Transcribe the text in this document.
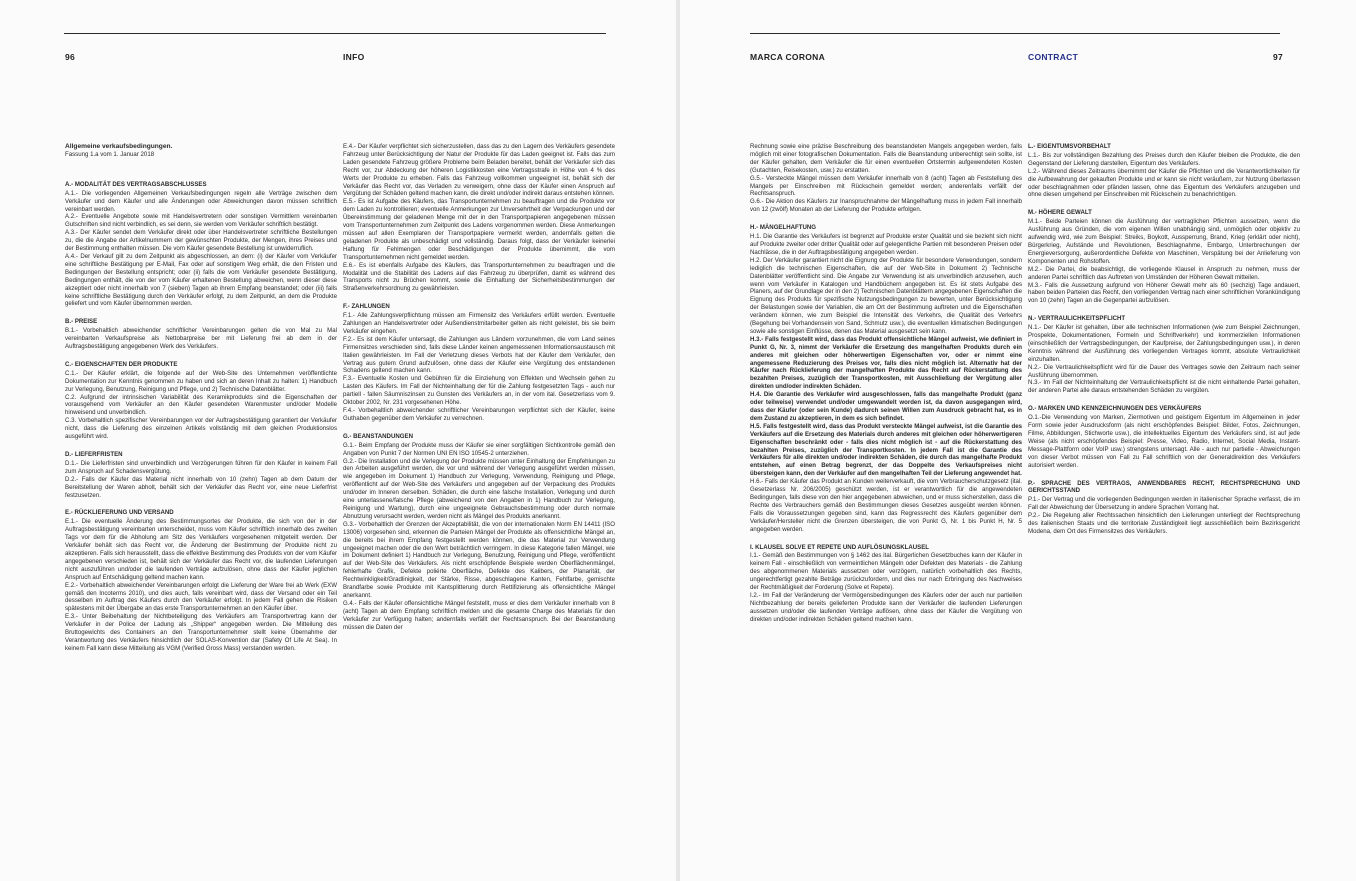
96	INFO

Allgemeine verkaufsbedingungen.

Fassung 1.a vom 1. Januar 2018

A.- MODALITÄT DES VERTRAGSABSCHLUSSES

A.1.- Die vorliegenden Allgemeinen Verkaufsbedingungen regeln alle Verträge zwischen dem Verkäufer und dem Käufer und alle Änderungen oder Abweichungen davon müssen schriftlich vereinbart werden.

A.2.- Eventuelle Angebote sowie mit Handelsvertretern oder sonstigen Vermittlern vereinbarten Gutschriften sind nicht verbindlich, es sei denn, sie werden vom Verkäufer schriftlich bestätigt.

A.3.- Der Käufer sendet dem Verkäufer direkt oder über Handelsvertreter schriftliche Bestellungen zu, die die Angabe der Artikelnummern der gewünschten Produkte, der Mengen, ihres Preises und der Bestimmung enthalten müssen. Die vom Käufer gesendete Bestellung ist unwiderruflich.

A.4.- Der Verkauf gilt zu dem Zeitpunkt als abgeschlossen, an dem: (i) der Käufer vom Verkäufer eine schriftliche Bestätigung per E-Mail, Fax oder auf sonstigem Weg erhält, die den Fristen und Bedingungen der Bestellung entspricht; oder (ii) falls die vom Verkäufer gesendete Bestätigung, Bedingungen enthält, die von der vom Käufer erhaltenen Bestellung abweichen, wenn dieser diese akzeptiert oder nicht innerhalb von 7 (sieben) Tagen ab ihrem Empfang beanstandet; oder (iii) falls keine schriftliche Bestätigung durch den Verkäufer erfolgt, zu dem Zeitpunkt, an dem die Produkte geliefert und vom Käufer übernommen werden.

B.- PREISE

B.1.- Vorbehaltlich abweichender schriftlicher Vereinbarungen gelten die von Mal zu Mal vereinbarten Verkaufspreise als Nettobarpreise ber mit Lieferung frei ab dem in der Auftragsbestätigung angegebenen Werk des Verkäufers.

C.- EIGENSCHAFTEN DER PRODUKTE

C.1.- Der Käufer erklärt, die folgende auf der Web-Site des Unternehmen veröffentlichte Dokumentation zur Kenntnis genommen zu haben und sich an deren Inhalt zu halten: 1) Handbuch zur Verlegung, Benutzung, Reinigung und Pflege, und 2) Technische Datenblätter.

C.2. Aufgrund der intrinsischen Variabilität des Keramikprodukts sind die Eigenschaften der vorausgehend vom Verkäufer an den Käufer gesendeten Warenmuster und/oder Modelle hinweisend und unverbindlich.

C.3. Vorbehaltlich spezifischer Vereinbarungen vor der Auftragsbestätigung garantiert der Verkäufer nicht, dass die Lieferung des einzelnen Artikels vollständig mit dem gleichen Produktionslos ausgeführt wird.

D.- LIEFERFRISTEN

D.1.- Die Lieferfristen sind unverbindlich und Verzögerungen führen für den Käufer in keinem Fall zum Anspruch auf Schadensvergütung.

D.2.- Falls der Käufer das Material nicht innerhalb von 10 (zehn) Tagen ab dem Datum der Bereitstellung der Waren abholt, behält sich der Verkäufer das Recht vor, eine neue Lieferfrist festzusetzen.

E.- RÜCKLIEFERUNG UND VERSAND

E.1.- Die eventuelle Änderung des Bestimmungsortes der Produkte, die sich von der in der Auftragsbestätigung vereinbarten unterscheidet, muss vom Käufer schriftlich innerhalb des zweiten Tags vor dem für die Abholung am Sitz des Verkäufers vorgesehenen mitgeteilt werden. Der Verkäufer behält sich das Recht vor, die Änderung der Bestimmung der Produkte nicht zu akzeptieren. Falls sich herausstellt, dass die effektive Bestimmung des Produkts von der vom Käufer angegebenen verschieden ist, behält sich der Verkäufer das Recht vor, die laufenden Lieferungen nicht auszuführen und/oder die laufenden Verträge aufzulösen, ohne dass der Käufer jeglichen Anspruch auf Entschädigung geltend machen kann.

E.2.- Vorbehaltlich abweichender Vereinbarungen erfolgt die Lieferung der Ware frei ab Werk (EXW gemäß den Incoterms 2010), und dies auch, falls vereinbart wird, dass der Versand oder ein Teil desselben im Auftrag des Käufers durch den Verkäufer erfolgt. In jedem Fall gehen die Risiken spätestens mit der Übergabe an das erste Transportunternehmen an den Käufer über.

E.3.- Unter Beibehaltung der Nichtbeteiligung des Verkäufers am Transportvertrag kann der Verkäufer in der Police der Ladung als „Shipper“ angegeben werden. Die Mitteilung des Bruttogewichts des Containers an den Transportunternehmer stellt keine Übernahme der Verantwortung des Verkäufers hinsichtlich der SOLAS-Konvention dar (Safety Of Life At Sea). In keinem Fall kann diese Mitteilung als VGM (Verified Gross Mass) verstanden werden.

E.4.- Der Käufer verpflichtet sich sicherzustellen, dass das zu den Lagern des Verkäufers gesendete Fahrzeug unter Berücksichtigung der Natur der Produkte für das Laden geeignet ist. Falls das zum Laden gesendete Fahrzeug größere Probleme beim Beladen bereitet, behält der Verkäufer sich das Recht vor, zur Abdeckung der höheren Logistikkosten eine Vertragsstrafe in Höhe von 4 % des Werts der Produkte zu erheben. Falls das Fahrzeug vollkommen ungeeignet ist, behält sich der Verkäufer das Recht vor, das Verladen zu verweigern, ohne dass der Käufer einen Anspruch auf Vergütung der Schäden geltend machen kann, die direkt und/oder indirekt daraus entstehen können.

E.5.- Es ist Aufgabe des Käufers, das Transportunternehmen zu beauftragen und die Produkte vor dem Laden zu kontrollieren; eventuelle Anmerkungen zur Unversehrtheit der Verpackungen und der Übereinstimmung der geladenen Menge mit der in den Transportpapieren angegebenen müssen vom Transportunternehmen zum Zeitpunkt des Ladens vorgenommen werden. Diese Anmerkungen müssen auf allen Exemplaren der Transportpapiere vermerkt werden, andernfalls gelten die geladenen Produkte als unbeschädigt und vollständig. Daraus folgt, dass der Verkäufer keinerlei Haftung für Fehlmengen oder Beschädigungen der Produkte übernimmt, die vom Transportunternehmen nicht gemeldet werden.

E.6.- Es ist ebenfalls Aufgabe des Käufers, das Transportunternehmen zu beauftragen und die Modalität und die Stabilität des Ladens auf das Fahrzeug zu überprüfen, damit es während des Transports nicht zu Brüchen kommt, sowie die Einhaltung der Sicherheitsbestimmungen der Straßenverkehrsordnung zu gewährleisten.

F.- ZAHLUNGEN

F.1.- Alle Zahlungsverpflichtung müssen am Firmensitz des Verkäufers erfüllt werden. Eventuelle Zahlungen an Handelsvertreter oder Außendienstmitarbeiter gelten als nicht geleistet, bis sie beim Verkäufer eingehen.

F.2.- Es ist dem Käufer untersagt, die Zahlungen aus Ländern vorzunehmen, die vom Land seines Firmensitzes verschieden sind, falls diese Länder keinen angemessenen Informationsaustausch mit Italien gewährleisten. Im Fall der Verletzung dieses Verbots hat der Käufer dem Verkäufer, den Vertrag aus gutem Grund aufzulösen, ohne dass der Käufer eine Vergütung des entstandenen Schadens geltend machen kann.

F.3.- Eventuelle Kosten und Gebühren für die Einziehung von Effekten und Wechseln gehen zu Lasten des Käufers. Im Fall der Nichteinhaltung der für die Zahlung festgesetzten Tags - auch nur partiell - fallen Säumniszinsen zu Gunsten des Verkäufers an, in der vom ital. Gesetzerlass vom 9. Oktober 2002, Nr. 231 vorgesehenen Höhe.

F.4.- Vorbehaltlich abweichender schriftlicher Vereinbarungen verpflichtet sich der Käufer, keine Guthaben gegenüber dem Verkäufer zu verrechnen.

G.- BEANSTANDUNGEN

G.1.- Beim Empfang der Produkte muss der Käufer sie einer sorgfältigen Sichtkontrolle gemäß den Angaben von Punkt 7 der Normen UNI EN ISO 10545-2 unterziehen.

G.2.- Die Installation und die Verlegung der Produkte müssen unter Einhaltung der Empfehlungen zu den Arbeiten ausgeführt werden, die vor und während der Verlegung ausgeführt werden müssen, wie angegeben im Dokument 1) Handbuch zur Verlegung, Verwendung, Reinigung und Pflege, veröffentlicht auf der Web-Site des Verkäufers und angegeben auf der Verpackung des Produkts und/oder im Inneren derselben. Schäden, die durch eine falsche Installation, Verlegung und durch eine unterlassene/falsche Pflege (abweichend von den Angaben in 1) Handbuch zur Verlegung, Reinigung und Wartung), durch eine ungeeignete Gebrauchsbestimmung oder durch normale Abnutzung verursacht werden, werden nicht als Mängel des Produkts anerkannt.

G.3.- Vorbehaltlich der Grenzen der Akzeptabilität, die von der internationalen Norm EN 14411 (ISO 13006) vorgesehen sind, erkennen die Parteien Mängel der Produkte als offensichtliche Mängel an, die bereits bei ihrem Empfang festgestellt werden können, die das Material zur Verwendung ungeeignet machen oder die den Wert beträchtlich verringern. In diese Kategorie fallen Mängel, wie im Dokument definiert 1) Handbuch zur Verlegung, Benutzung, Reinigung und Pflege, veröffentlicht auf der Web-Site des Verkäufers. Als nicht erschöpfende Beispiele werden Oberflächenmängel, fehlerhafte Grafik, Defekte poliérte Oberfläche, Defekte des Kalibers, der Planarität, der Rechtwinkligkeit/Gradlinigkeit, der Stärke, Risse, abgeschlagene Kanten, Fehlfarbe, gemischte Brandfarbe sowie Produkte mit Kantsplitterung durch Rettifizierung als offensichtliche Mängel anerkannt.

G.4.- Falls der Käufer offensichtliche Mängel feststellt, muss er dies dem Verkäufer innerhalb von 8 (acht) Tagen ab dem Empfang schriftlich melden und die gesamte Charge des Materials für den Verkäufer zur Verfügung halten; andernfalls verfällt der Rechtsanspruch. Bei der Beanstandung müssen die Daten der

MARCA CORONA	CONTRACT	97

Rechnung sowie eine präzise Beschreibung des beanstandeten Mangels angegeben werden, falls möglich mit einer fotografischen Dokumentation. Falls die Beanstandung unberechtigt sein sollte, ist der Käufer gehalten, dem Verkäufer die für einen eventuellen Ortstermin aufgewendeten Kosten (Gutachten, Reisekosten, usw.) zu erstatten.

G.5.- Versteckte Mängel müssen dem Verkäufer innerhalb von 8 (acht) Tagen ab Feststellung des Mangels per Einschreiben mit Rückschein gemeldet werden; anderenfalls verfällt der Rechtsanspruch.

G.6.- Die Aktion des Käufers zur Inanspruchnahme der Mängelhaftung muss in jedem Fall innerhalb von 12 (zwölf) Monaten ab der Lieferung der Produkte erfolgen.

H.- MÄNGELHAFTUNG

H.1. Die Garantie des Verkäufers ist begrenzt auf Produkte erster Qualität und sie bezieht sich nicht auf Produkte zweiter oder dritter Qualität oder auf gelegentliche Partien mit besonderen Preisen oder Nachlässe, die in der Auftragsbestätigung angegeben werden.

H.2. Der Verkäufer garantiert nicht die Eignung der Produkte für besondere Verwendungen, sondern lediglich die technischen Eigenschaften, die auf der Web-Site in Dokument 2) Technische Datenblätter veröffentlicht sind. Die Angabe zur Verwendung ist als unverbindlich anzusehen, auch wenn vom Verkäufer in Katalogen und Handbüchern angegeben ist. Es ist stets Aufgabe des Planers, auf der Grundlage der in den 2) Technischen Datenblättern angegebenen Eigenschaften die Eignung des Produkts für spezifische Nutzungsbedingungen zu bewerten, unter Berücksichtigung der Belastungen sowie der Variablen, die am Ort der Bestimmung auftreten und die Eigenschaften verändern können, wie zum Beispiel die Intensität des Verkehrs, die Qualität des Verkehrs (Begehung bei Vorhandensein von Sand, Schmutz usw.), die eventuellen klimatischen Bedingungen sowie alle sonstigen Einflüsse, denen das Material ausgesetzt sein kann.

H.3.- Falls festgestellt wird, dass das Produkt offensichtliche Mängel aufweist, wie definiert in Punkt G, Nr. 3, nimmt der Verkäufer die Ersetzung des mangelhaften Produkts durch ein anderes mit gleichen oder höherwertigen Eigenschaften vor, oder er nimmt eine angemessene Reduzierung des Preises vor, falls dies nicht möglich ist. Alternativ hat der Käufer nach Rücklieferung der mangelhaften Produkte das Recht auf Rückerstattung des bezahlten Preises, zuzüglich der Transportkosten, mit Ausschließung der Vergütung aller direkten und/oder indirekten Schäden.

H.4. Die Garantie des Verkäufer wird ausgeschlossen, falls das mangelhafte Produkt (ganz oder teilweise) verwendet und/oder umgewandelt worden ist, da davon ausgegangen wird, dass der Käufer (oder sein Kunde) dadurch seinen Willen zum Ausdruck gebracht hat, es in dem Zustand zu akzeptieren, in dem es sich befindet.

H.5. Falls festgestellt wird, dass das Produkt versteckte Mängel aufweist, ist die Garantie des Verkäufers auf die Ersetzung des Materials durch anderes mit gleichen oder höherwertigeren Eigenschaften beschränkt oder - falls dies nicht möglich ist - auf die Rückerstattung des bezahlten Preises, zuzüglich der Transportkosten. In jedem Fall ist die Garantie des Verkäufers für alle direkten und/oder indirekten Schäden, die durch das mangelhafte Produkt entstehen, auf einen Betrag begrenzt, der das Doppelte des Verkaufspreises nicht übersteigen kann, den der Verkäufer auf den mangelhaften Teil der Lieferung angewendet hat.

H.6.- Falls der Käufer das Produkt an Kunden weiterverkauft, die vom Verbraucherschutzgesetz (ital. Gesetzerlass Nr. 206/2005) geschützt werden, ist er verantwortlich für die angewendeten Bedingungen, falls diese von den hier angegebenen abweichen, und er muss sicherstellen, dass die Rechte des Verbrauchers gemäß den Bestimmungen dieses Gesetzes ausgeübt werden können. Falls die Voraussetzungen gegeben sind, kann das Regressrecht des Käufers gegenüber dem Verkäufer/Hersteller nicht die Grenzen übersteigen, die von Punkt G, Nr. 1 bis Punkt H, Nr. 5 angegeben werden.

I. KLAUSEL SOLVE ET REPETE UND AUFLÖSUNGSKLAUSEL

I.1.- Gemäß den Bestimmungen von § 1462 des ital. Bürgerlichen Gesetzbuches kann der Käufer in keinem Fall - einschließlich von vermeintlichen Mängeln oder Defekten des Materials - die Zahlung des abgenommenen Materials aussetzen oder verzögern, natürlich vorbehaltlich des Rechts, ungerechtfertigt gezahlte Beträge zurückzufordern, und dies nur nach Erbringung des Nachweises der Rechtmäßigkeit der Forderung (Solve et Repete).

I.2.- Im Fall der Veränderung der Vermögensbedingungen des Käufers oder der auch nur partiellen Nichtbezahlung der bereits gelieferten Produkte kann der Verkäufer die laufenden Lieferungen aussetzen und/oder die laufenden Verträge auflösen, ohne dass der Käufer die Vergütung von direkten und/oder indirekten Schäden geltend machen kann.

L.- EIGENTUMSVORBEHALT

L.1.- Bis zur vollständigen Bezahlung des Preises durch den Käufer bleiben die Produkte, die den Gegenstand der Lieferung darstellen, Eigentum des Verkäufers.

L.2.- Während dieses Zeitraums übernimmt der Käufer die Pflichten und die Verantwortlichkeiten für die Aufbewahrung der gekauften Produkte und er kann sie nicht veräußern, zur Nutzung überlassen oder beschlagnahmen oder pfänden lassen, ohne das Eigentum des Verkäufers anzugeben und ohne diesen umgehend per Einschreiben mit Rückschein zu benachrichtigen.

M.- HÖHERE GEWALT

M.1.- Beide Parteien können die Ausführung der vertraglichen Pflichten aussetzen, wenn die Ausführung aus Gründen, die vom eigenen Willen unabhängig sind, unmöglich oder objektiv zu aufwendig wird, wie zum Beispiel: Streiks, Boykott, Aussperrung, Brand, Krieg (erklärt oder nicht), Bürgerkrieg, Aufstände und Revolutionen, Beschlagnahme, Embargo, Unterbrechungen der Energieversorgung, außerordentliche Defekte von Maschinen, Verspätung bei der Anlieferung von Komponenten und Rohstoffen.

M.2.- Die Partei, die beabsichtigt, die vorliegende Klausel in Anspruch zu nehmen, muss der anderen Partei schriftlich das Auftreten von Umständen der Höheren Gewalt mitteilen.

M.3.- Falls die Aussetzung aufgrund von Höherer Gewalt mehr als 60 (sechzig) Tage andauert, haben beiden Parteien das Recht, den vorliegenden Vertrag nach einer schriftlichen Vorankündigung von 10 (zehn) Tagen an die Gegenpartei aufzulösen.

N.- VERTRAULICHKEITSPFLICHT

N.1.- Der Käufer ist gehalten, über alle technischen Informationen (wie zum Beispiel Zeichnungen, Prospekte, Dokumentationen, Formeln und Schriftverkehr) und kommerziellen Informationen (einschließlich der Vertragsbedingungen, der Kaufpreise, der Zahlungsbedingungen usw.), in deren Kenntnis während der Ausführung des vorliegenden Vertrages kommt, absolute Vertraulichkeit einzuhalten.

N.2.- Die Vertraulichkeitspflicht wird für die Dauer des Vertrages sowie den Zeitraum nach seiner Ausführung übernommen.

N.3.- Im Fall der Nichteinhaltung der Vertraulichkeitspflicht ist die nicht einhaltende Partei gehalten, der anderen Partei alle daraus entstehenden Schäden zu vergüten.

O.- MARKEN UND KENNZEICHNUNGEN DES VERKÄUFERS

O.1.-Die Verwendung von Marken, Ziermotiven und geistigem Eigentum im Allgemeinen in jeder Form sowie jeder Ausdrucksform (als nicht erschöpfendes Beispiel: Bilder, Fotos, Zeichnungen, Filme, Abbildungen, Stichworte usw.), die intellektuelles Eigentum des Verkäufers sind, ist auf jede Weise (als nicht erschöpfendes Beispiel: Presse, Video, Radio, Internet, Social Media, Instant-Message-Plattform oder VoIP usw.) strengstens untersagt. Alle - auch nur partielle - Abweichungen von dieser Verbot müssen von Fall zu Fall schriftlich von der Generaldirektion des Verkäufers autorisiert werden.

P.- SPRACHE DES VERTRAGS, ANWENDBARES RECHT, RECHTSPRECHUNG UND GERICHTSSTAND

P.1.- Der Vertrag und die vorliegenden Bedingungen werden in italienischer Sprache verfasst, die im Fall der Abweichung der Übersetzung in andere Sprachen Vorrang hat.

P.2.- Die Regelung aller Rechtssachen hinsichtlich den Lieferungen unterliegt der Rechtsprechung des italienischen Staats und die territoriale Zuständigkeit liegt ausschließlich beim Bezirksgericht Modena, dem Ort des Firmensitzes des Verkäufers.
